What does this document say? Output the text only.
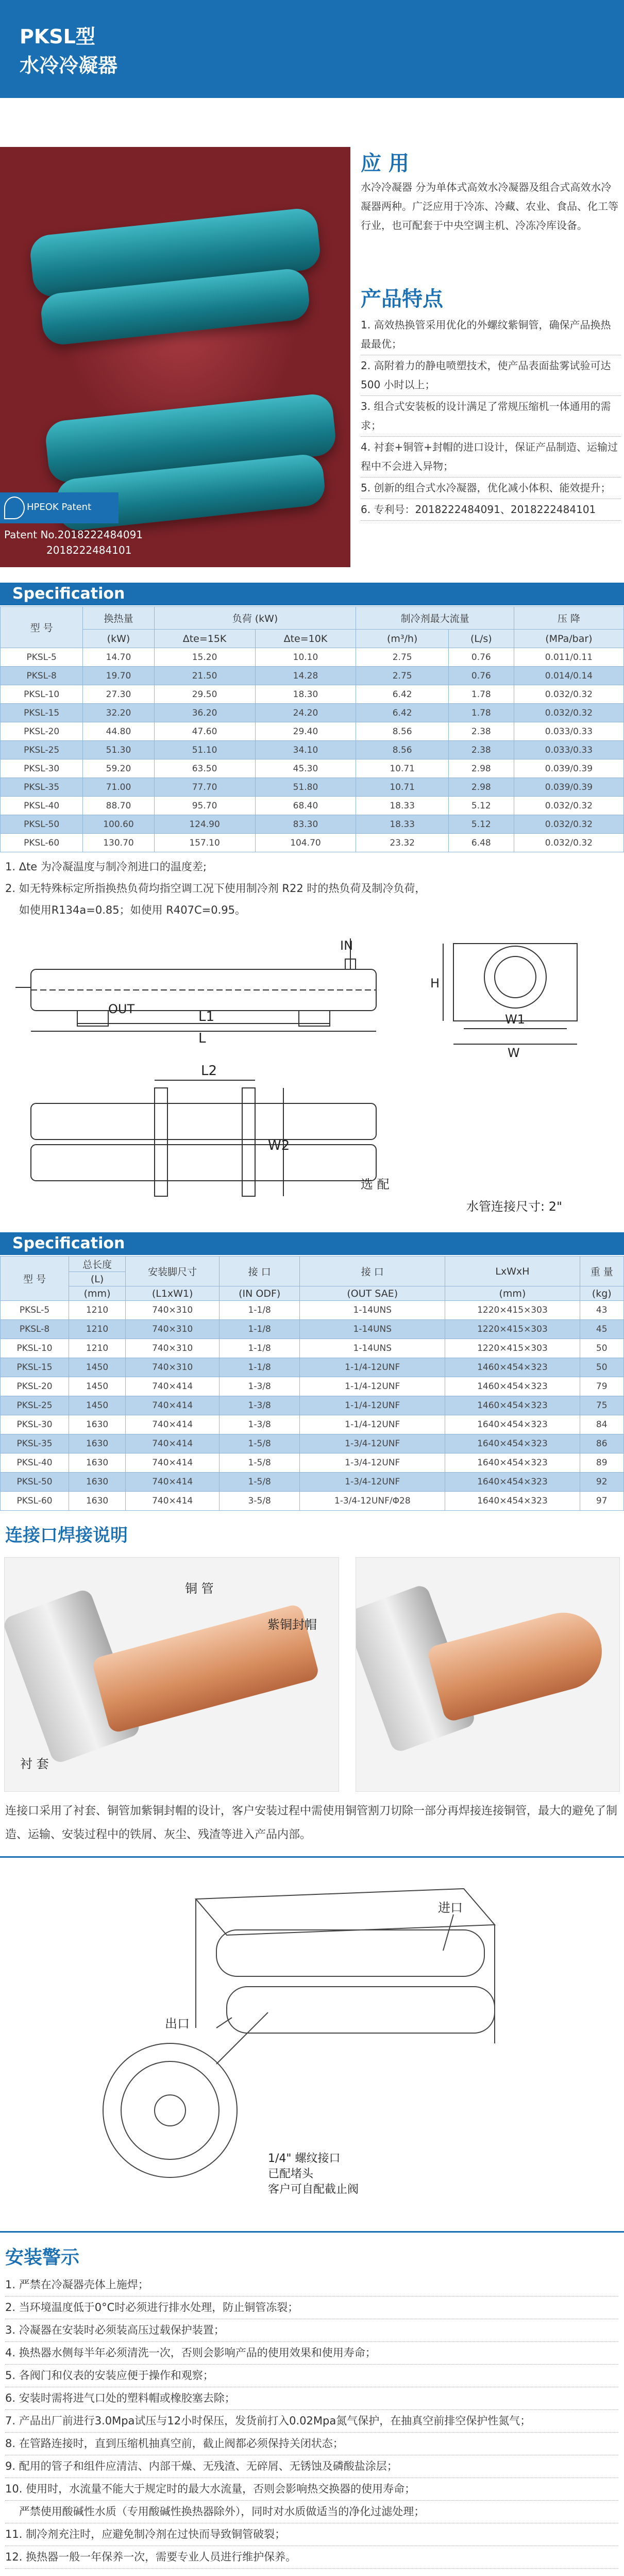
PKSL型
水冷冷凝器
HPEOK Patent
Patent No.2018222484091
2018222484101
应 用
水冷冷凝器 分为单体式高效水冷凝器及组合式高效水冷凝器两种。广泛应用于冷冻、冷藏、农业、食品、化工等行业，也可配套于中央空调主机、冷冻冷库设备。
产品特点
1. 高效热换管采用优化的外螺纹紫铜管，确保产品换热最最优；
2. 高附着力的静电喷塑技术，使产品表面盐雾试验可达 500 小时以上；
3. 组合式安装板的设计满足了常规压缩机一体通用的需求；
4. 衬套+铜管+封帽的进口设计，保证产品制造、运输过程中不会进入异物；
5. 创新的组合式水冷凝器，优化减小体积、能效提升；
6. 专利号：2018222484091、2018222484101
Specification
型 号	换热量	负荷 (kW)		制冷剂最大流量		压 降
	(kW)	Δte=15K	Δte=10K	(m³/h)	(L/s)	(MPa/bar)
PKSL-5	14.70	15.20	10.10	2.75	0.76	0.011/0.11
PKSL-8	19.70	21.50	14.28	2.75	0.76	0.014/0.14
PKSL-10	27.30	29.50	18.30	6.42	1.78	0.032/0.32
PKSL-15	32.20	36.20	24.20	6.42	1.78	0.032/0.32
PKSL-20	44.80	47.60	29.40	8.56	2.38	0.033/0.33
PKSL-25	51.30	51.10	34.10	8.56	2.38	0.033/0.33
PKSL-30	59.20	63.50	45.30	10.71	2.98	0.039/0.39
PKSL-35	71.00	77.70	51.80	10.71	2.98	0.039/0.39
PKSL-40	88.70	95.70	68.40	18.33	5.12	0.032/0.32
PKSL-50	100.60	124.90	83.30	18.33	5.12	0.032/0.32
PKSL-60	130.70	157.10	104.70	23.32	6.48	0.032/0.32
1. Δte 为冷凝温度与制冷剂进口的温度差;
2. 如无特殊标定所指换热负荷均指空调工况下使用制冷剂 R22 时的热负荷及制冷负荷，
如使用R134a=0.85；如使用 R407C=0.95。
IN
OUT	L1
L
H
W1
W
L2
W2
选 配
水管连接尺寸: 2"
Specification
型 号	总长度	安装脚尺寸	接 口	接 口	LxWxH	重 量
	(L)					
	(mm)	(L1xW1)	(IN ODF)	(OUT SAE)	(mm)	(kg)
PKSL-5	1210	740×310	1-1/8	1-14UNS	1220×415×303	43
PKSL-8	1210	740×310	1-1/8	1-14UNS	1220×415×303	45
PKSL-10	1210	740×310	1-1/8	1-14UNS	1220×415×303	50
PKSL-15	1450	740×310	1-1/8	1-1/4-12UNF	1460×454×323	50
PKSL-20	1450	740×414	1-3/8	1-1/4-12UNF	1460×454×323	79
PKSL-25	1450	740×414	1-3/8	1-1/4-12UNF	1460×454×323	75
PKSL-30	1630	740×414	1-3/8	1-1/4-12UNF	1640×454×323	84
PKSL-35	1630	740×414	1-5/8	1-3/4-12UNF	1640×454×323	86
PKSL-40	1630	740×414	1-5/8	1-3/4-12UNF	1640×454×323	89
PKSL-50	1630	740×414	1-5/8	1-3/4-12UNF	1640×454×323	92
PKSL-60	1630	740×414	3-5/8	1-3/4-12UNF/Φ28	1640×454×323	97
连接口焊接说明
铜 管
紫铜封帽
衬 套
连接口采用了衬套、铜管加紫铜封帽的设计，客户安装过程中需使用铜管割刀切除一部分再焊接连接铜管，最大的避免了制造、运输、安装过程中的铁屑、灰尘、残渣等进入产品内部。
进口
出口
1/4" 螺纹接口
已配堵头
客户可自配截止阀
安装警示
1. 严禁在冷凝器壳体上施焊；
2. 当环境温度低于0°C时必须进行排水处理，防止铜管冻裂；
3. 冷凝器在安装时必须装高压过载保护装置；
4. 换热器水侧每半年必须清洗一次，否则会影响产品的使用效果和使用寿命；
5. 各阀门和仪表的安装应便于操作和观察；
6. 安装时需将进气口处的塑料帽或橡胶塞去除；
7. 产品出厂前进行3.0Mpa试压与12小时保压，发货前打入0.02Mpa氮气保护，在抽真空前排空保护性氮气；
8. 在管路连接时，直到压缩机抽真空前，截止阀都必须保持关闭状态；
9. 配用的管子和组件应清洁、内部干燥、无残渣、无碎屑、无锈蚀及磷酸盐涂层；
10. 使用时，水流量不能大于规定时的最大水流量，否则会影响热交换器的使用寿命；
严禁使用酸碱性水质（专用酸碱性换热器除外），同时对水质做适当的净化过滤处理；
11. 制冷剂充注时，应避免制冷剂在过快而导致铜管破裂；
12. 换热器一般一年保养一次，需要专业人员进行维护保养。
